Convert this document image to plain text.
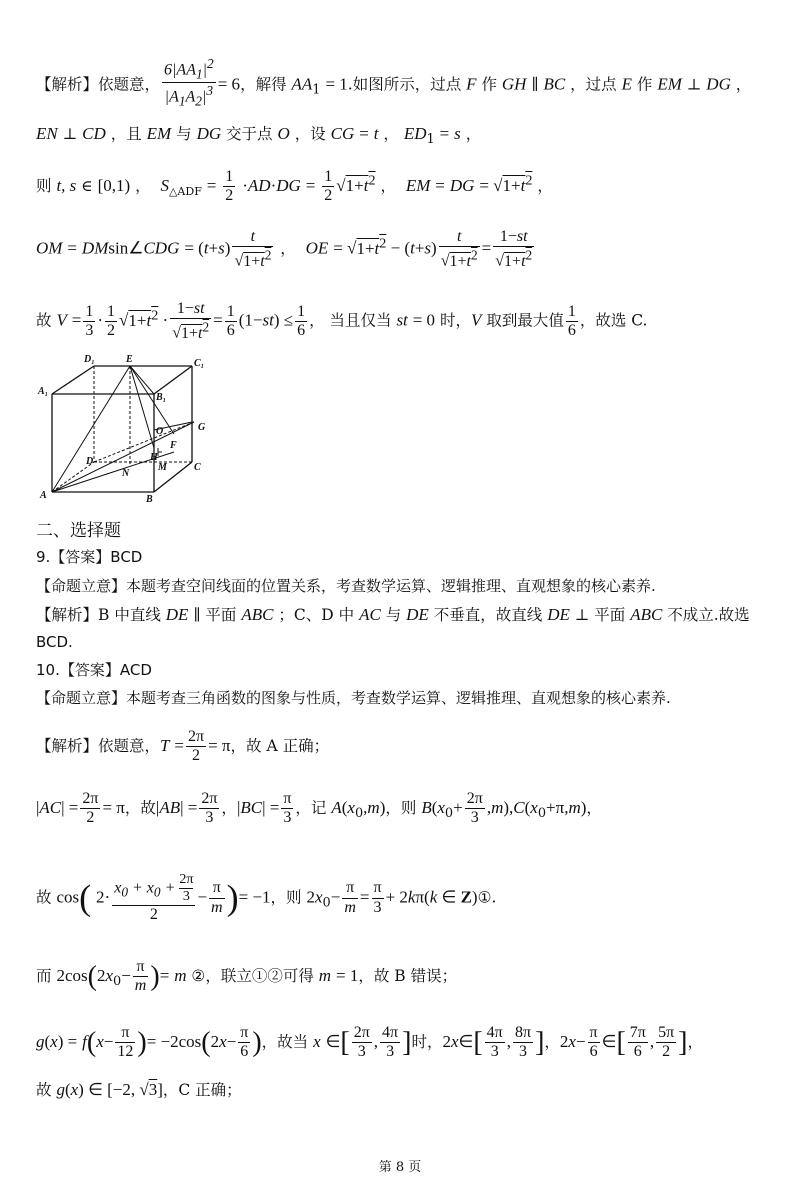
【解析】依题意， $\frac{6|AA_1|^2}{|A_1A_2|^3} = 6$，解得 $AA_1 = 1$.如图所示，过点 F 作 GH ∥ BC ，过点 E 作 EM ⊥ DG ，
EN ⊥ CD ，且 EM 与 DG 交于点 O ，设 CG = t ， $ED_1 = s$ ，
则 t, s ∈ [0,1) ，  $S_{\triangle ADF} = \frac{1}{2} \cdot AD\cdot DG = \frac{1}{2} √1+t^2$ ，  EM = DG = $√1+t^2$ ，
OM = DMsin∠CDG = $(t+s) \frac{t}{√1+t^2}$ ，  OE = $√1+t^2 - (t+s) \frac{t}{√1+t^2} = \frac{1-st}{√1+t^2}$
故 $V = \frac{1}{3} \cdot \frac{1}{2} √1+t^2 \cdot \frac{1-st}{√1+t^2} = \frac{1}{6} (1-st) \le \frac{1}{6}$ ， 当且仅当 st = 0 时，V 取到最大值 $\frac{1}{6}$ ，故选 C.
D₁	E	C₁
A₁
B₁
G
O
D	H
F
N
M	C
A	B
二、选择题
9.【答案】BCD
【命题立意】本题考查空间线面的位置关系，考查数学运算、逻辑推理、直观想象的核心素养.
【解析】B 中直线 DE ∥ 平面 ABC ；C、D 中 AC 与 DE 不垂直，故直线 DE ⊥ 平面 ABC 不成立.故选
BCD.
10.【答案】ACD
【命题立意】本题考查三角函数的图象与性质，考查数学运算、逻辑推理、直观想象的核心素养.
【解析】依题意，$T = \frac{2\pi}{2} = \pi$，故 A 正确；
$|AC| = \frac{2\pi}{2} = \pi$，故$|AB| = \frac{2\pi}{3}$ ，$|BC| = \frac{\pi}{3}$ ，记 $A(x_0,m)$，则 $B(x_0+ \frac{2\pi}{3} ,m),C(x_0+\pi,m)$，
故 cos( $2\cdot \frac{x_0 + x_0 + \frac{2\pi}{3}}{2} - \frac{\pi}{m}$ )= −1，则 $2x_0- \frac{\pi}{m} = \frac{\pi}{3} + 2k\pi(k$ ∈ Z)①.
而 $2\cos(2x_0- \frac{\pi}{m}$ )= m ②，联立①②可得 m = 1，故 B 错误；
$g(x) = f(x- \frac{\pi}{12}$ )= $-2\cos(2x- \frac{\pi}{6}$ )，故当 x ∈[ $\frac{2\pi}{3}$ , $\frac{4\pi}{3}$ ]时，2x∈[ $\frac{4\pi}{3}$ , $\frac{8\pi}{3}$ ]，$2x- \frac{\pi}{6}$ ∈[ $\frac{7\pi}{6}$ , $\frac{5\pi}{2}$ ]，
故 g(x) ∈ [−2, √3]，C 正确；
第 8 页
